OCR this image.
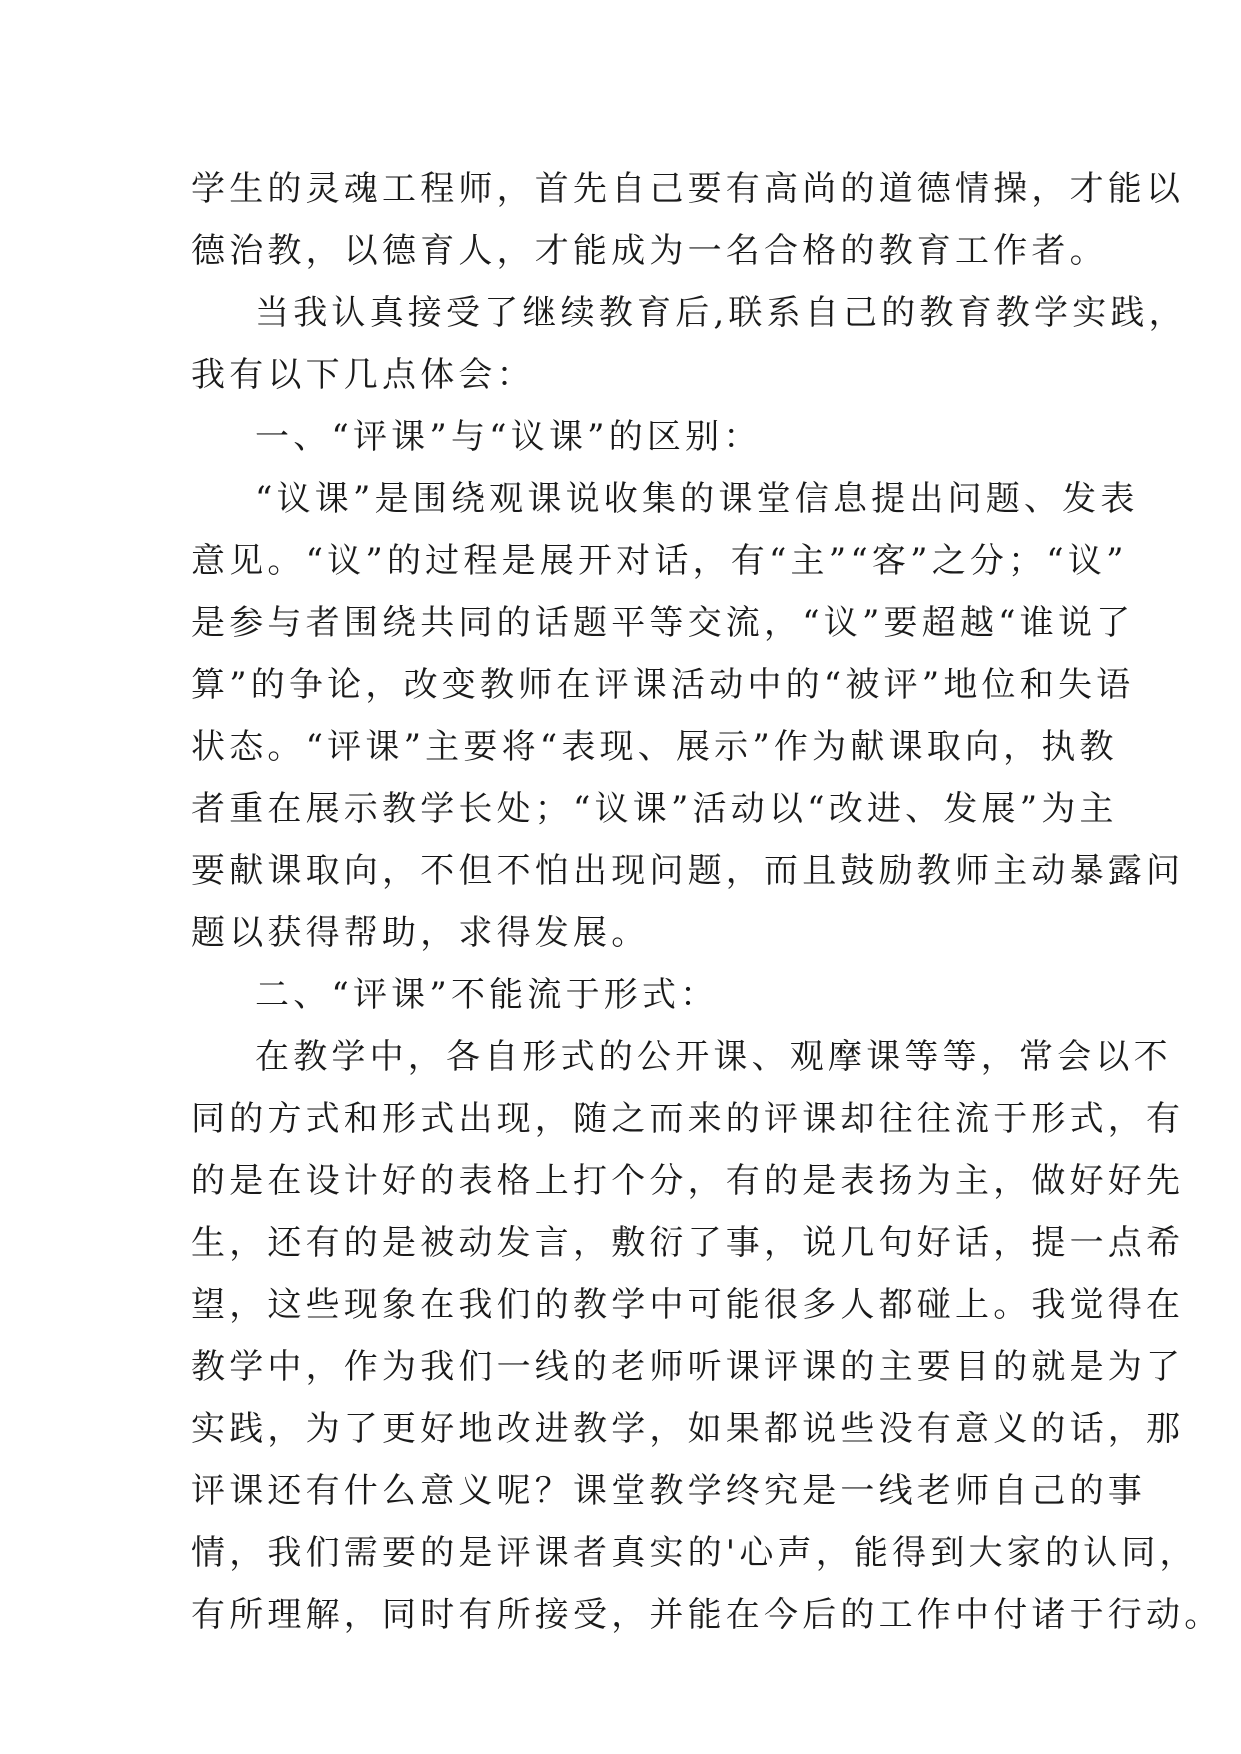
学生的灵魂工程师，首先自己要有高尚的道德情操，才能以
德治教，以德育人，才能成为一名合格的教育工作者。
当我认真接受了继续教育后,联系自己的教育教学实践，
我有以下几点体会：
一、“评课”与“议课”的区别：
“议课”是围绕观课说收集的课堂信息提出问题、发表
意见。“议”的过程是展开对话，有“主”“客”之分；“议”
是参与者围绕共同的话题平等交流，“议”要超越“谁说了
算”的争论，改变教师在评课活动中的“被评”地位和失语
状态。“评课”主要将“表现、展示”作为献课取向，执教
者重在展示教学长处；“议课”活动以“改进、发展”为主
要献课取向，不但不怕出现问题，而且鼓励教师主动暴露问
题以获得帮助，求得发展。
二、“评课”不能流于形式：
在教学中，各自形式的公开课、观摩课等等，常会以不
同的方式和形式出现，随之而来的评课却往往流于形式，有
的是在设计好的表格上打个分，有的是表扬为主，做好好先
生，还有的是被动发言，敷衍了事，说几句好话，提一点希
望，这些现象在我们的教学中可能很多人都碰上。我觉得在
教学中，作为我们一线的老师听课评课的主要目的就是为了
实践，为了更好地改进教学，如果都说些没有意义的话，那
评课还有什么意义呢？课堂教学终究是一线老师自己的事
情，我们需要的是评课者真实的'心声，能得到大家的认同，
有所理解，同时有所接受，并能在今后的工作中付诸于行动。
